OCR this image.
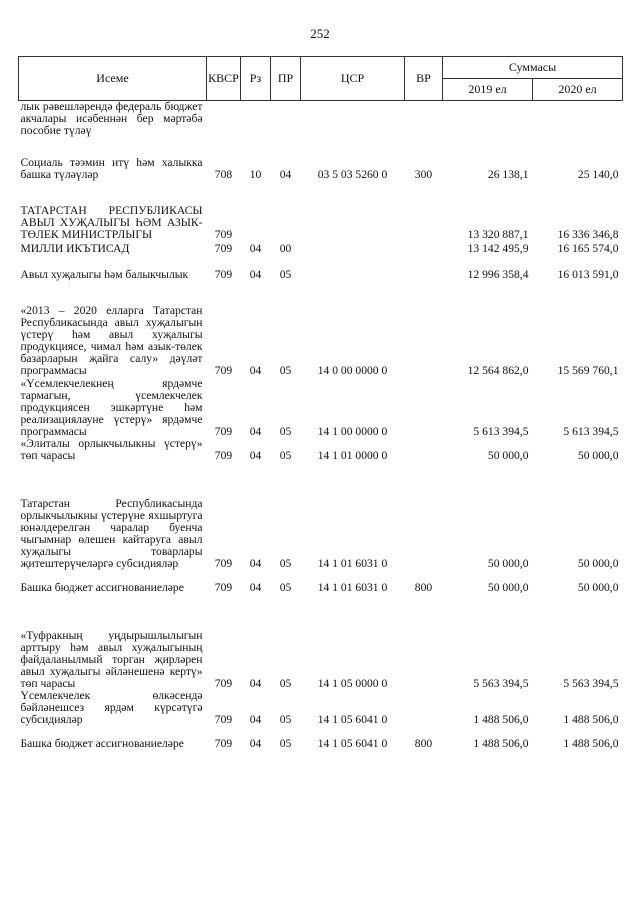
252
Исеме	КВСР	Рз	ПР	ЦСР	ВР	Суммасы	
						2019 ел	2020 ел
лык рәвешләрендә федераль бюджет акчалары исәбеннән бер мәртәбә пособие түләү							
Социаль тәэмин итү һәм халыкка башка түләүләр	708	10	04	03 5 03 5260 0	300	26 138,1	25 140,0
ТАТАРСТАН РЕСПУБЛИКАСЫ АВЫЛ ХУҖАЛЫГЫ ҺӘМ АЗЫК-ТӨЛЕК МИНИСТРЛЫГЫ	709					13 320 887,1	16 336 346,8
МИЛЛИ ИКЪТИСАД	709	04	00			13 142 495,9	16 165 574,0
Авыл хуҗалыгы һәм балыкчылык	709	04	05			12 996 358,4	16 013 591,0
«2013 – 2020 елларга Татарстан Республикасында авыл хуҗалыгын үстерү һәм авыл хуҗалыгы продукциясе, чимал һәм азык-төлек базарларын җайга салу» дәүләт программасы	709	04	05	14 0 00 0000 0		12 564 862,0	15 569 760,1
«Үсемлекчелекнең ярдәмче тармагын, үсемлекчелек продукциясен эшкәртүне һәм реализациялауне үстерү» ярдәмче программасы	709	04	05	14 1 00 0000 0		5 613 394,5	5 613 394,5
«Элиталы орлыкчылыкны үстерү» төп чарасы	709	04	05	14 1 01 0000 0		50 000,0	50 000,0
Татарстан Республикасында орлыкчылыкны үстерүне яхшыртуга юнәлдерелгән чаралар буенча чыгымнар өлешен кайтаруга авыл хуҗалыгы товарлары җитештерүчеләргә субсидияләр	709	04	05	14 1 01 6031 0		50 000,0	50 000,0
Башка бюджет ассигнованиеләре	709	04	05	14 1 01 6031 0	800	50 000,0	50 000,0
«Туфракның уңдырышлылыгын арттыру һәм авыл хуҗалыгының файдаланылмый торган җирләрен авыл хуҗалыгы әйләнешенә кертү» төп чарасы	709	04	05	14 1 05 0000 0		5 563 394,5	5 563 394,5
Үсемлекчелек өлкәсендә бәйләнешсез ярдәм күрсәтүгә субсидияләр	709	04	05	14 1 05 6041 0		1 488 506,0	1 488 506,0
Башка бюджет ассигнованиеләре	709	04	05	14 1 05 6041 0	800	1 488 506,0	1 488 506,0
